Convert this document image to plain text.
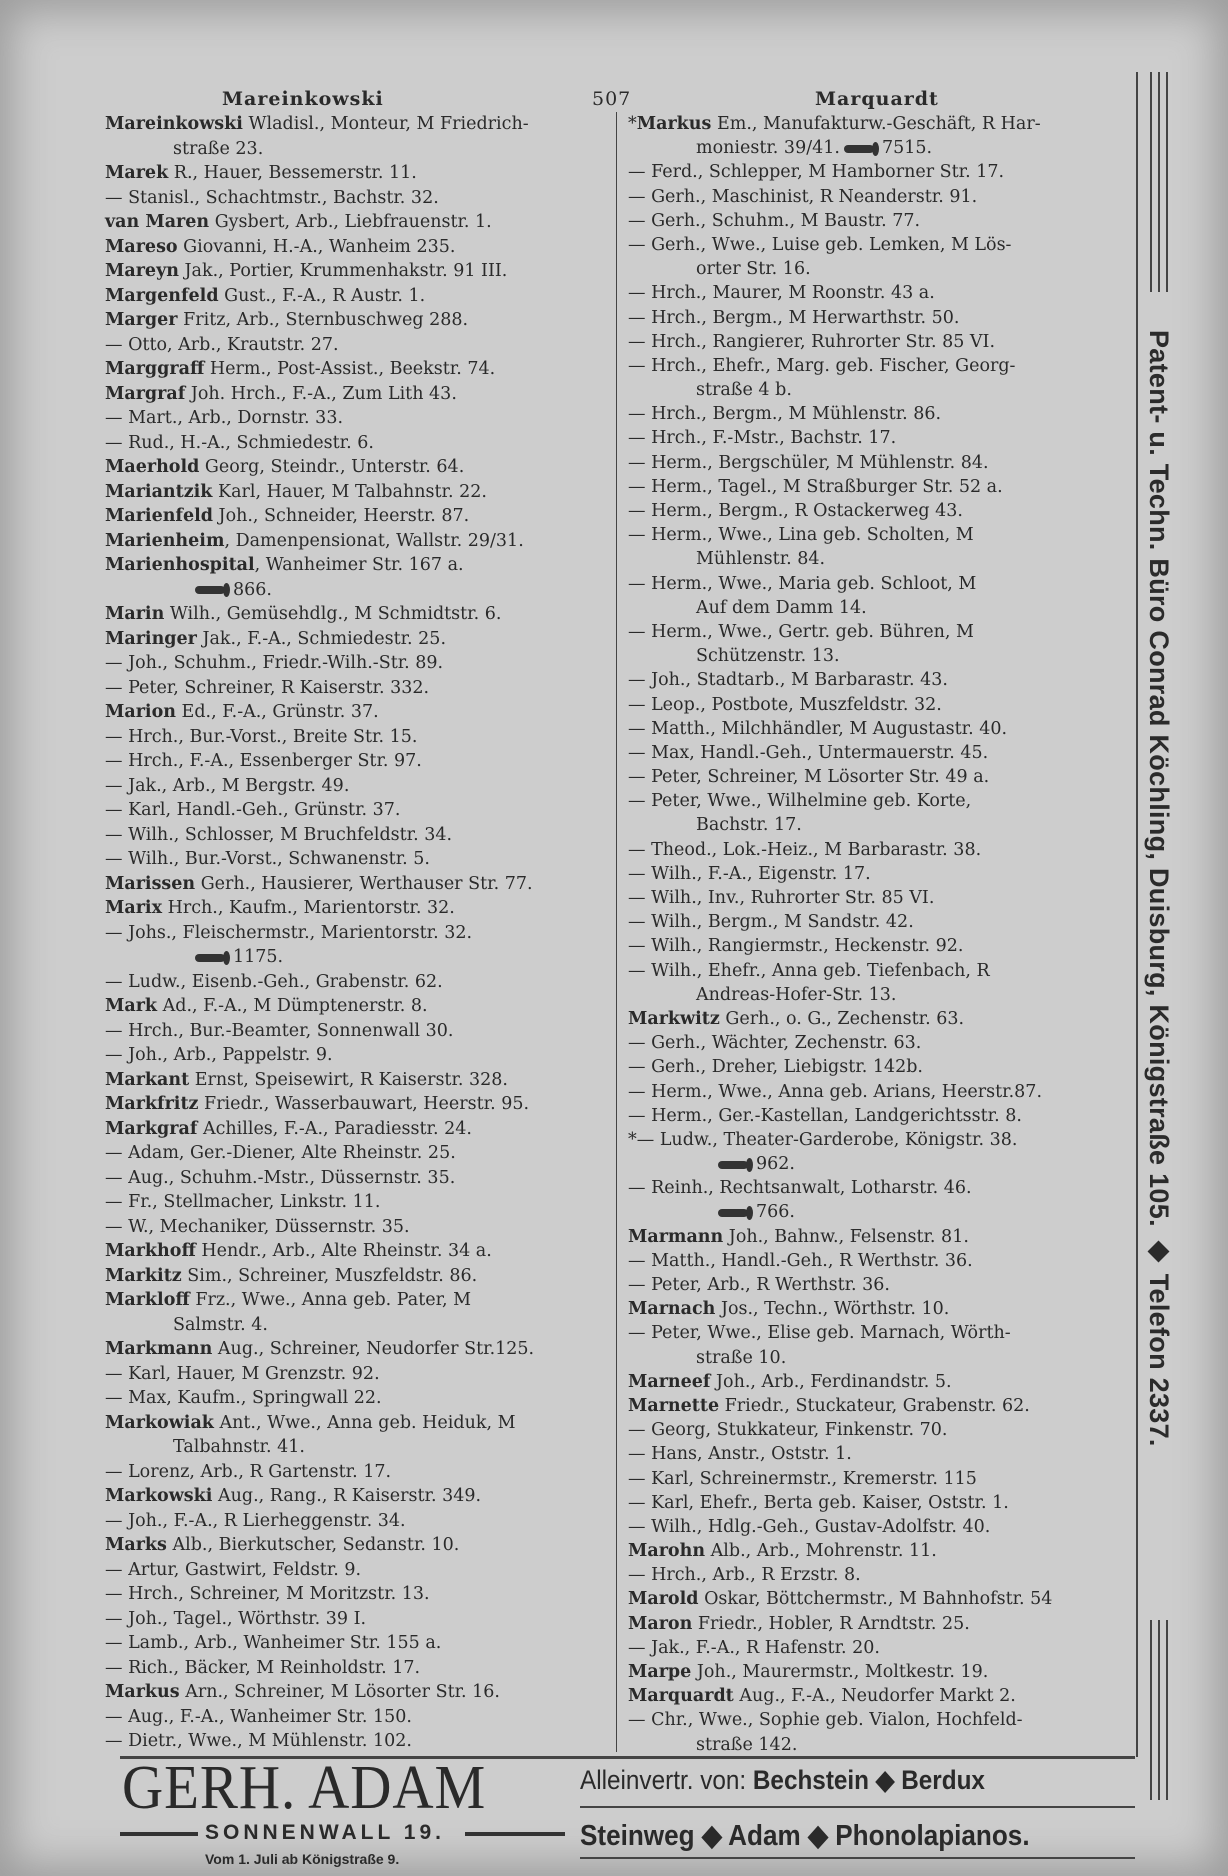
Mareinkowski	507	Marquardt
Mareinkowski Wladisl., Monteur, M Friedrich-
straße 23.
Marek R., Hauer, Bessemerstr. 11.
— Stanisl., Schachtmstr., Bachstr. 32.
van Maren Gysbert, Arb., Liebfrauenstr. 1.
Mareso Giovanni, H.-A., Wanheim 235.
Mareyn Jak., Portier, Krummenhakstr. 91 III.
Margenfeld Gust., F.-A., R Austr. 1.
Marger Fritz, Arb., Sternbuschweg 288.
— Otto, Arb., Krautstr. 27.
Marggraff Herm., Post-Assist., Beekstr. 74.
Margraf Joh. Hrch., F.-A., Zum Lith 43.
— Mart., Arb., Dornstr. 33.
— Rud., H.-A., Schmiedestr. 6.
Maerhold Georg, Steindr., Unterstr. 64.
Mariantzik Karl, Hauer, M Talbahnstr. 22.
Marienfeld Joh., Schneider, Heerstr. 87.
Marienheim, Damenpensionat, Wallstr. 29/31.
Marienhospital, Wanheimer Str. 167 a.
866.
Marin Wilh., Gemüsehdlg., M Schmidtstr. 6.
Maringer Jak., F.-A., Schmiedestr. 25.
— Joh., Schuhm., Friedr.-Wilh.-Str. 89.
— Peter, Schreiner, R Kaiserstr. 332.
Marion Ed., F.-A., Grünstr. 37.
— Hrch., Bur.-Vorst., Breite Str. 15.
— Hrch., F.-A., Essenberger Str. 97.
— Jak., Arb., M Bergstr. 49.
— Karl, Handl.-Geh., Grünstr. 37.
— Wilh., Schlosser, M Bruchfeldstr. 34.
— Wilh., Bur.-Vorst., Schwanenstr. 5.
Marissen Gerh., Hausierer, Werthauser Str. 77.
Marix Hrch., Kaufm., Marientorstr. 32.
— Johs., Fleischermstr., Marientorstr. 32.
1175.
— Ludw., Eisenb.-Geh., Grabenstr. 62.
Mark Ad., F.-A., M Dümptenerstr. 8.
— Hrch., Bur.-Beamter, Sonnenwall 30.
— Joh., Arb., Pappelstr. 9.
Markant Ernst, Speisewirt, R Kaiserstr. 328.
Markfritz Friedr., Wasserbauwart, Heerstr. 95.
Markgraf Achilles, F.-A., Paradiesstr. 24.
— Adam, Ger.-Diener, Alte Rheinstr. 25.
— Aug., Schuhm.-Mstr., Düssernstr. 35.
— Fr., Stellmacher, Linkstr. 11.
— W., Mechaniker, Düssernstr. 35.
Markhoff Hendr., Arb., Alte Rheinstr. 34 a.
Markitz Sim., Schreiner, Muszfeldstr. 86.
Markloff Frz., Wwe., Anna geb. Pater, M
Salmstr. 4.
Markmann Aug., Schreiner, Neudorfer Str.125.
— Karl, Hauer, M Grenzstr. 92.
— Max, Kaufm., Springwall 22.
Markowiak Ant., Wwe., Anna geb. Heiduk, M
Talbahnstr. 41.
— Lorenz, Arb., R Gartenstr. 17.
Markowski Aug., Rang., R Kaiserstr. 349.
— Joh., F.-A., R Lierheggenstr. 34.
Marks Alb., Bierkutscher, Sedanstr. 10.
— Artur, Gastwirt, Feldstr. 9.
— Hrch., Schreiner, M Moritzstr. 13.
— Joh., Tagel., Wörthstr. 39 I.
— Lamb., Arb., Wanheimer Str. 155 a.
— Rich., Bäcker, M Reinholdstr. 17.
Markus Arn., Schreiner, M Lösorter Str. 16.
— Aug., F.-A., Wanheimer Str. 150.
— Dietr., Wwe., M Mühlenstr. 102.
*Markus Em., Manufakturw.-Geschäft, R Har-
moniestr. 39/41. 7515.
— Ferd., Schlepper, M Hamborner Str. 17.
— Gerh., Maschinist, R Neanderstr. 91.
— Gerh., Schuhm., M Baustr. 77.
— Gerh., Wwe., Luise geb. Lemken, M Lös-
orter Str. 16.
— Hrch., Maurer, M Roonstr. 43 a.
— Hrch., Bergm., M Herwarthstr. 50.
— Hrch., Rangierer, Ruhrorter Str. 85 VI.
— Hrch., Ehefr., Marg. geb. Fischer, Georg-
straße 4 b.
— Hrch., Bergm., M Mühlenstr. 86.
— Hrch., F.-Mstr., Bachstr. 17.
— Herm., Bergschüler, M Mühlenstr. 84.
— Herm., Tagel., M Straßburger Str. 52 a.
— Herm., Bergm., R Ostackerweg 43.
— Herm., Wwe., Lina geb. Scholten, M
Mühlenstr. 84.
— Herm., Wwe., Maria geb. Schloot, M
Auf dem Damm 14.
— Herm., Wwe., Gertr. geb. Bühren, M
Schützenstr. 13.
— Joh., Stadtarb., M Barbarastr. 43.
— Leop., Postbote, Muszfeldstr. 32.
— Matth., Milchhändler, M Augustastr. 40.
— Max, Handl.-Geh., Untermauerstr. 45.
— Peter, Schreiner, M Lösorter Str. 49 a.
— Peter, Wwe., Wilhelmine geb. Korte,
Bachstr. 17.
— Theod., Lok.-Heiz., M Barbarastr. 38.
— Wilh., F.-A., Eigenstr. 17.
— Wilh., Inv., Ruhrorter Str. 85 VI.
— Wilh., Bergm., M Sandstr. 42.
— Wilh., Rangiermstr., Heckenstr. 92.
— Wilh., Ehefr., Anna geb. Tiefenbach, R
Andreas-Hofer-Str. 13.
Markwitz Gerh., o. G., Zechenstr. 63.
— Gerh., Wächter, Zechenstr. 63.
— Gerh., Dreher, Liebigstr. 142b.
— Herm., Wwe., Anna geb. Arians, Heerstr.87.
— Herm., Ger.-Kastellan, Landgerichtsstr. 8.
*— Ludw., Theater-Garderobe, Königstr. 38.
962.
— Reinh., Rechtsanwalt, Lotharstr. 46.
766.
Marmann Joh., Bahnw., Felsenstr. 81.
— Matth., Handl.-Geh., R Werthstr. 36.
— Peter, Arb., R Werthstr. 36.
Marnach Jos., Techn., Wörthstr. 10.
— Peter, Wwe., Elise geb. Marnach, Wörth-
straße 10.
Marneef Joh., Arb., Ferdinandstr. 5.
Marnette Friedr., Stuckateur, Grabenstr. 62.
— Georg, Stukkateur, Finkenstr. 70.
— Hans, Anstr., Oststr. 1.
— Karl, Schreinermstr., Kremerstr. 115
— Karl, Ehefr., Berta geb. Kaiser, Oststr. 1.
— Wilh., Hdlg.-Geh., Gustav-Adolfstr. 40.
Marohn Alb., Arb., Mohrenstr. 11.
— Hrch., Arb., R Erzstr. 8.
Marold Oskar, Böttchermstr., M Bahnhofstr. 54
Maron Friedr., Hobler, R Arndtstr. 25.
— Jak., F.-A., R Hafenstr. 20.
Marpe Joh., Maurermstr., Moltkestr. 19.
Marquardt Aug., F.-A., Neudorfer Markt 2.
— Chr., Wwe., Sophie geb. Vialon, Hochfeld-
straße 142.
Patent- u. Techn. Büro Conrad Köchling, Duisburg, Königstraße 105. ◆ Telefon 2337.
GERH. ADAM
SONNENWALL 19.
Vom 1. Juli ab Königstraße 9.
Alleinvertr. von: Bechstein ◆ Berdux
Steinweg ◆ Adam ◆ Phonolapianos.
